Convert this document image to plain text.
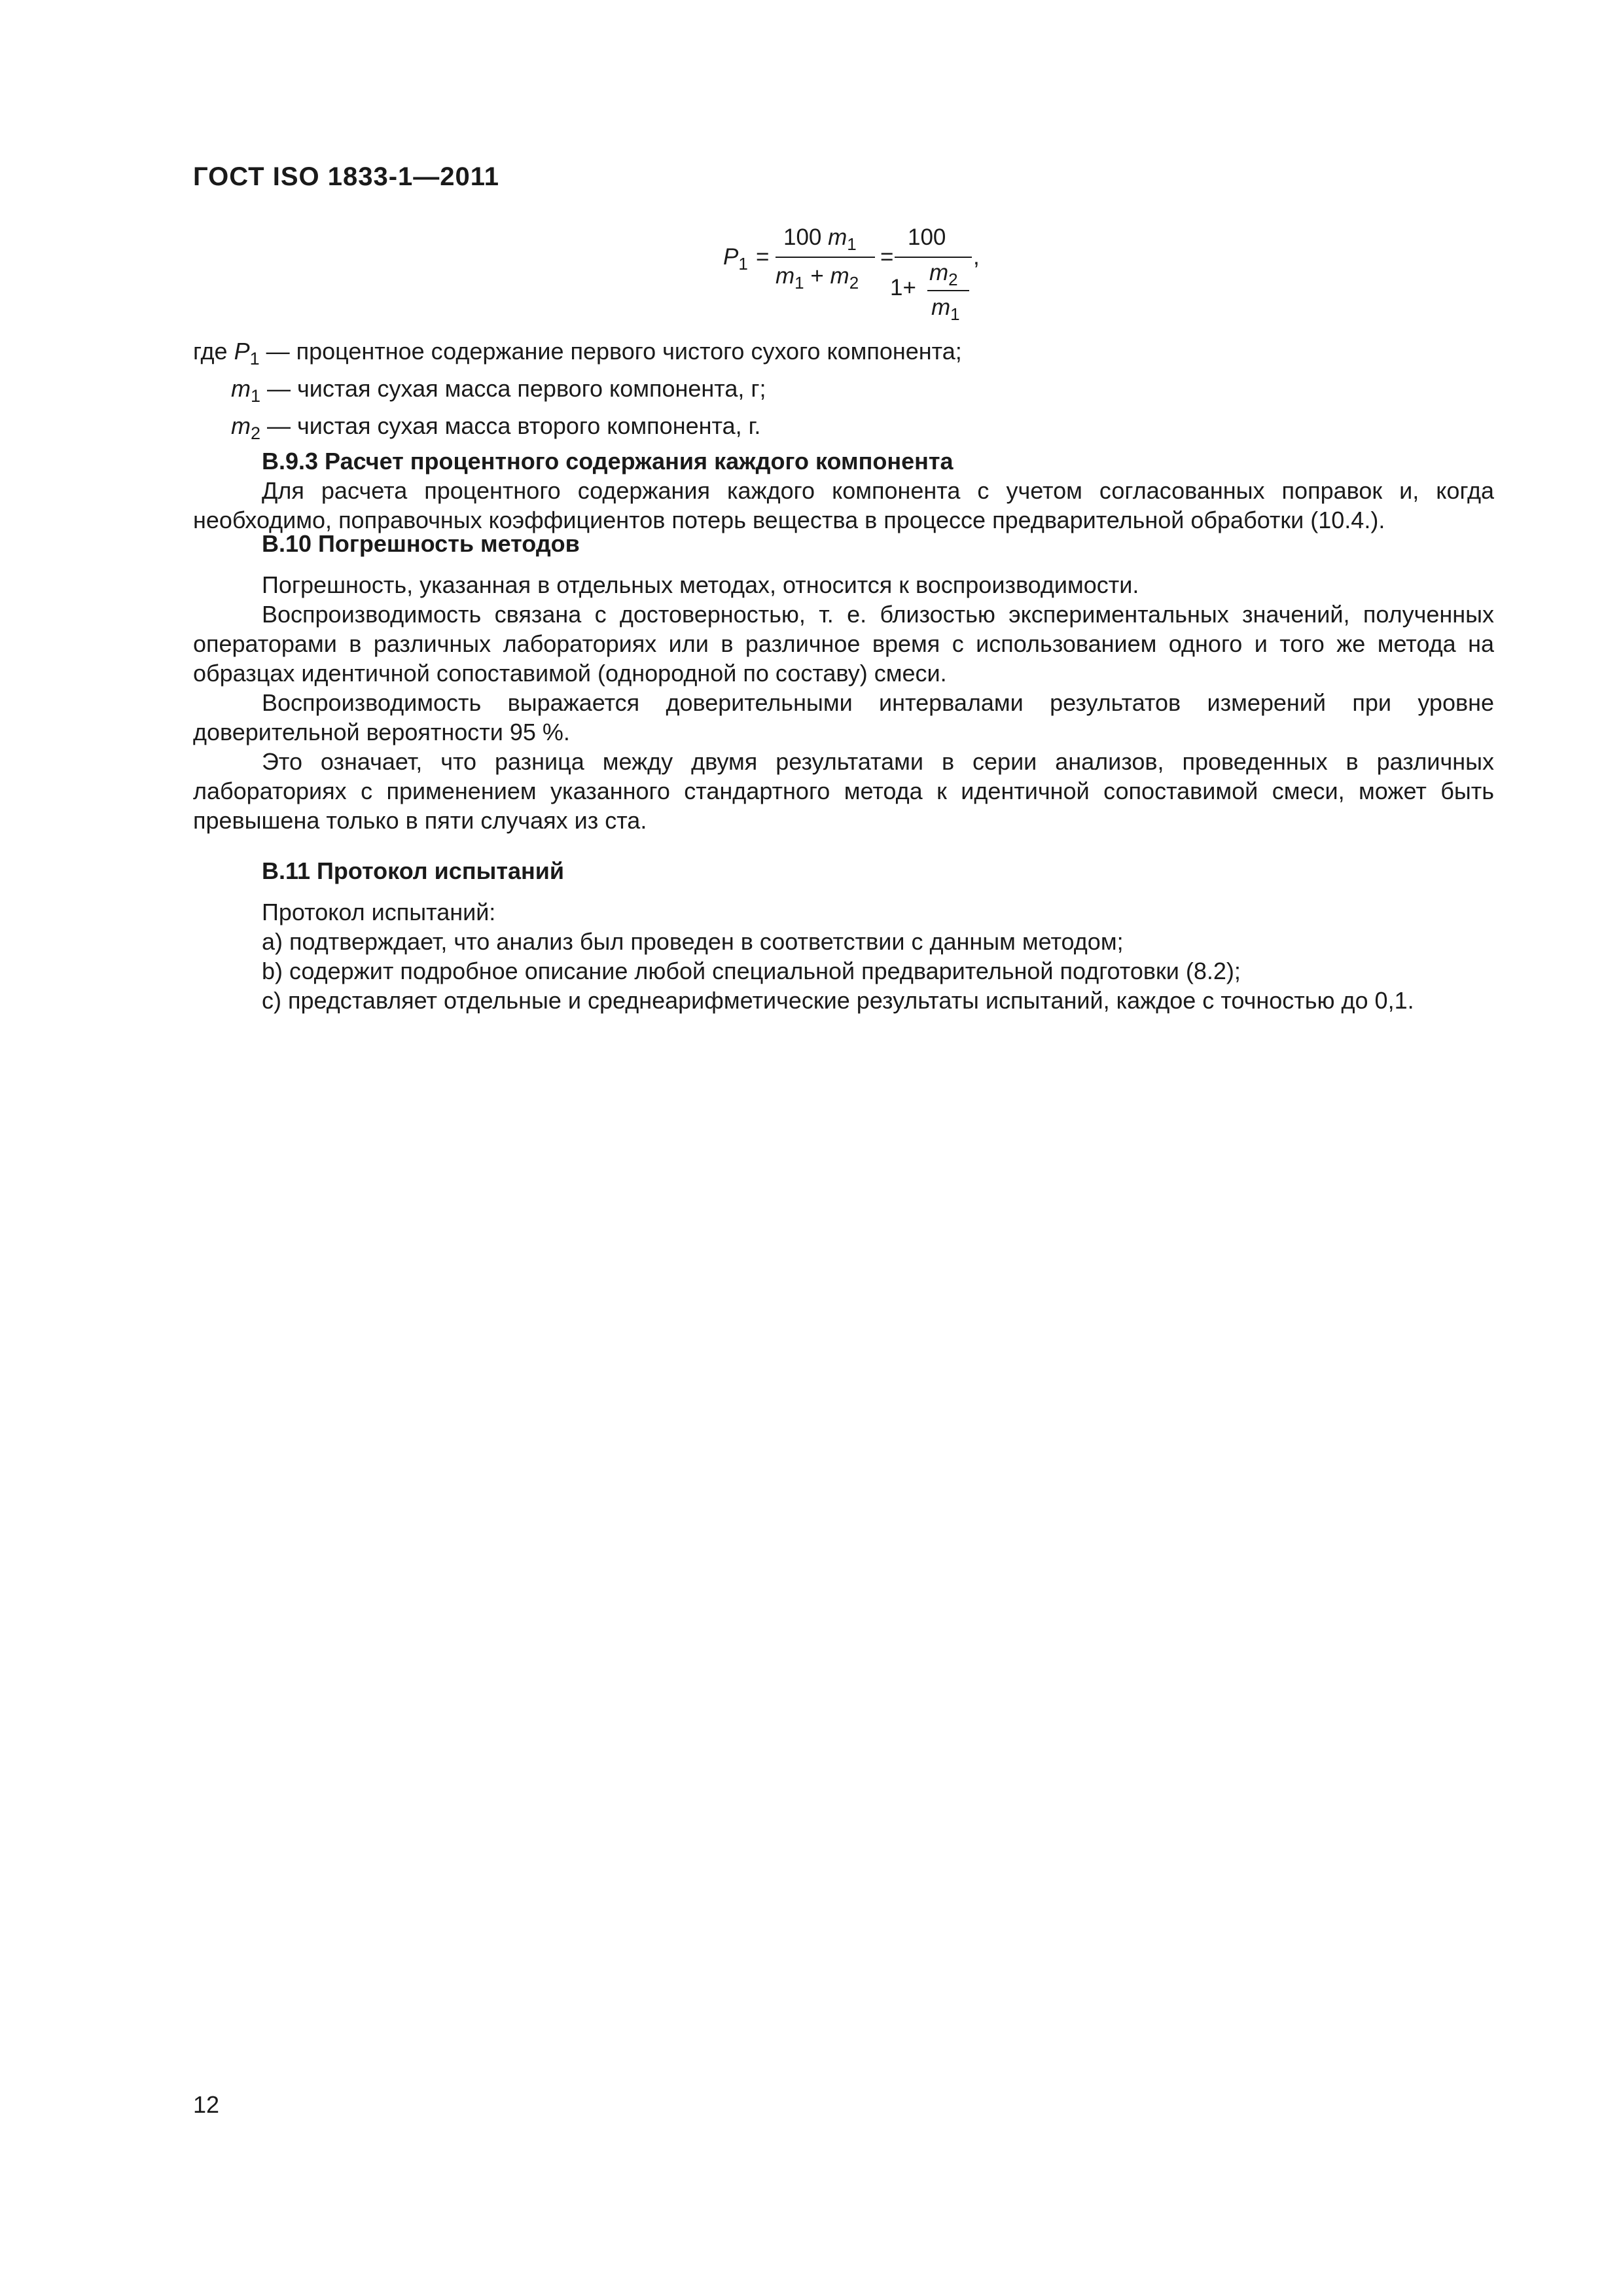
ГОСТ ISO 1833-1—2011
$P_1$ =
100 $m_1$
$m_1 + m_2$
=
100
1+
$m_2$
$m_1$
,
где $P_1$ — процентное содержание первого чистого сухого компонента;
$m_1$ — чистая сухая масса первого компонента, г;
$m_2$ — чистая сухая масса второго компонента, г.
В.9.3 Расчет процентного содержания каждого компонента

Для расчета процентного содержания каждого компонента с учетом согласованных поправок и, когда необходимо, поправочных коэффициентов потерь вещества в процессе предварительной обработки (10.4.).

В.10 Погрешность методов

Погрешность, указанная в отдельных методах, относится к воспроизводимости.

Воспроизводимость связана с достоверностью, т. е. близостью экспериментальных значений, полученных операторами в различных лабораториях или в различное время с использованием одного и того же метода на образцах идентичной сопоставимой (однородной по составу) смеси.

Воспроизводимость выражается доверительными интервалами результатов измерений при уровне доверительной вероятности 95 %.

Это означает, что разница между двумя результатами в серии анализов, проведенных в различных лабораториях с применением указанного стандартного метода к идентичной сопоставимой смеси, может быть превышена только в пяти случаях из ста.

В.11 Протокол испытаний
Протокол испытаний:
а) подтверждает, что анализ был проведен в соответствии с данным методом;
b) содержит подробное описание любой специальной предварительной подготовки (8.2);
с) представляет отдельные и среднеарифметические результаты испытаний, каждое с точностью до 0,1.
12
